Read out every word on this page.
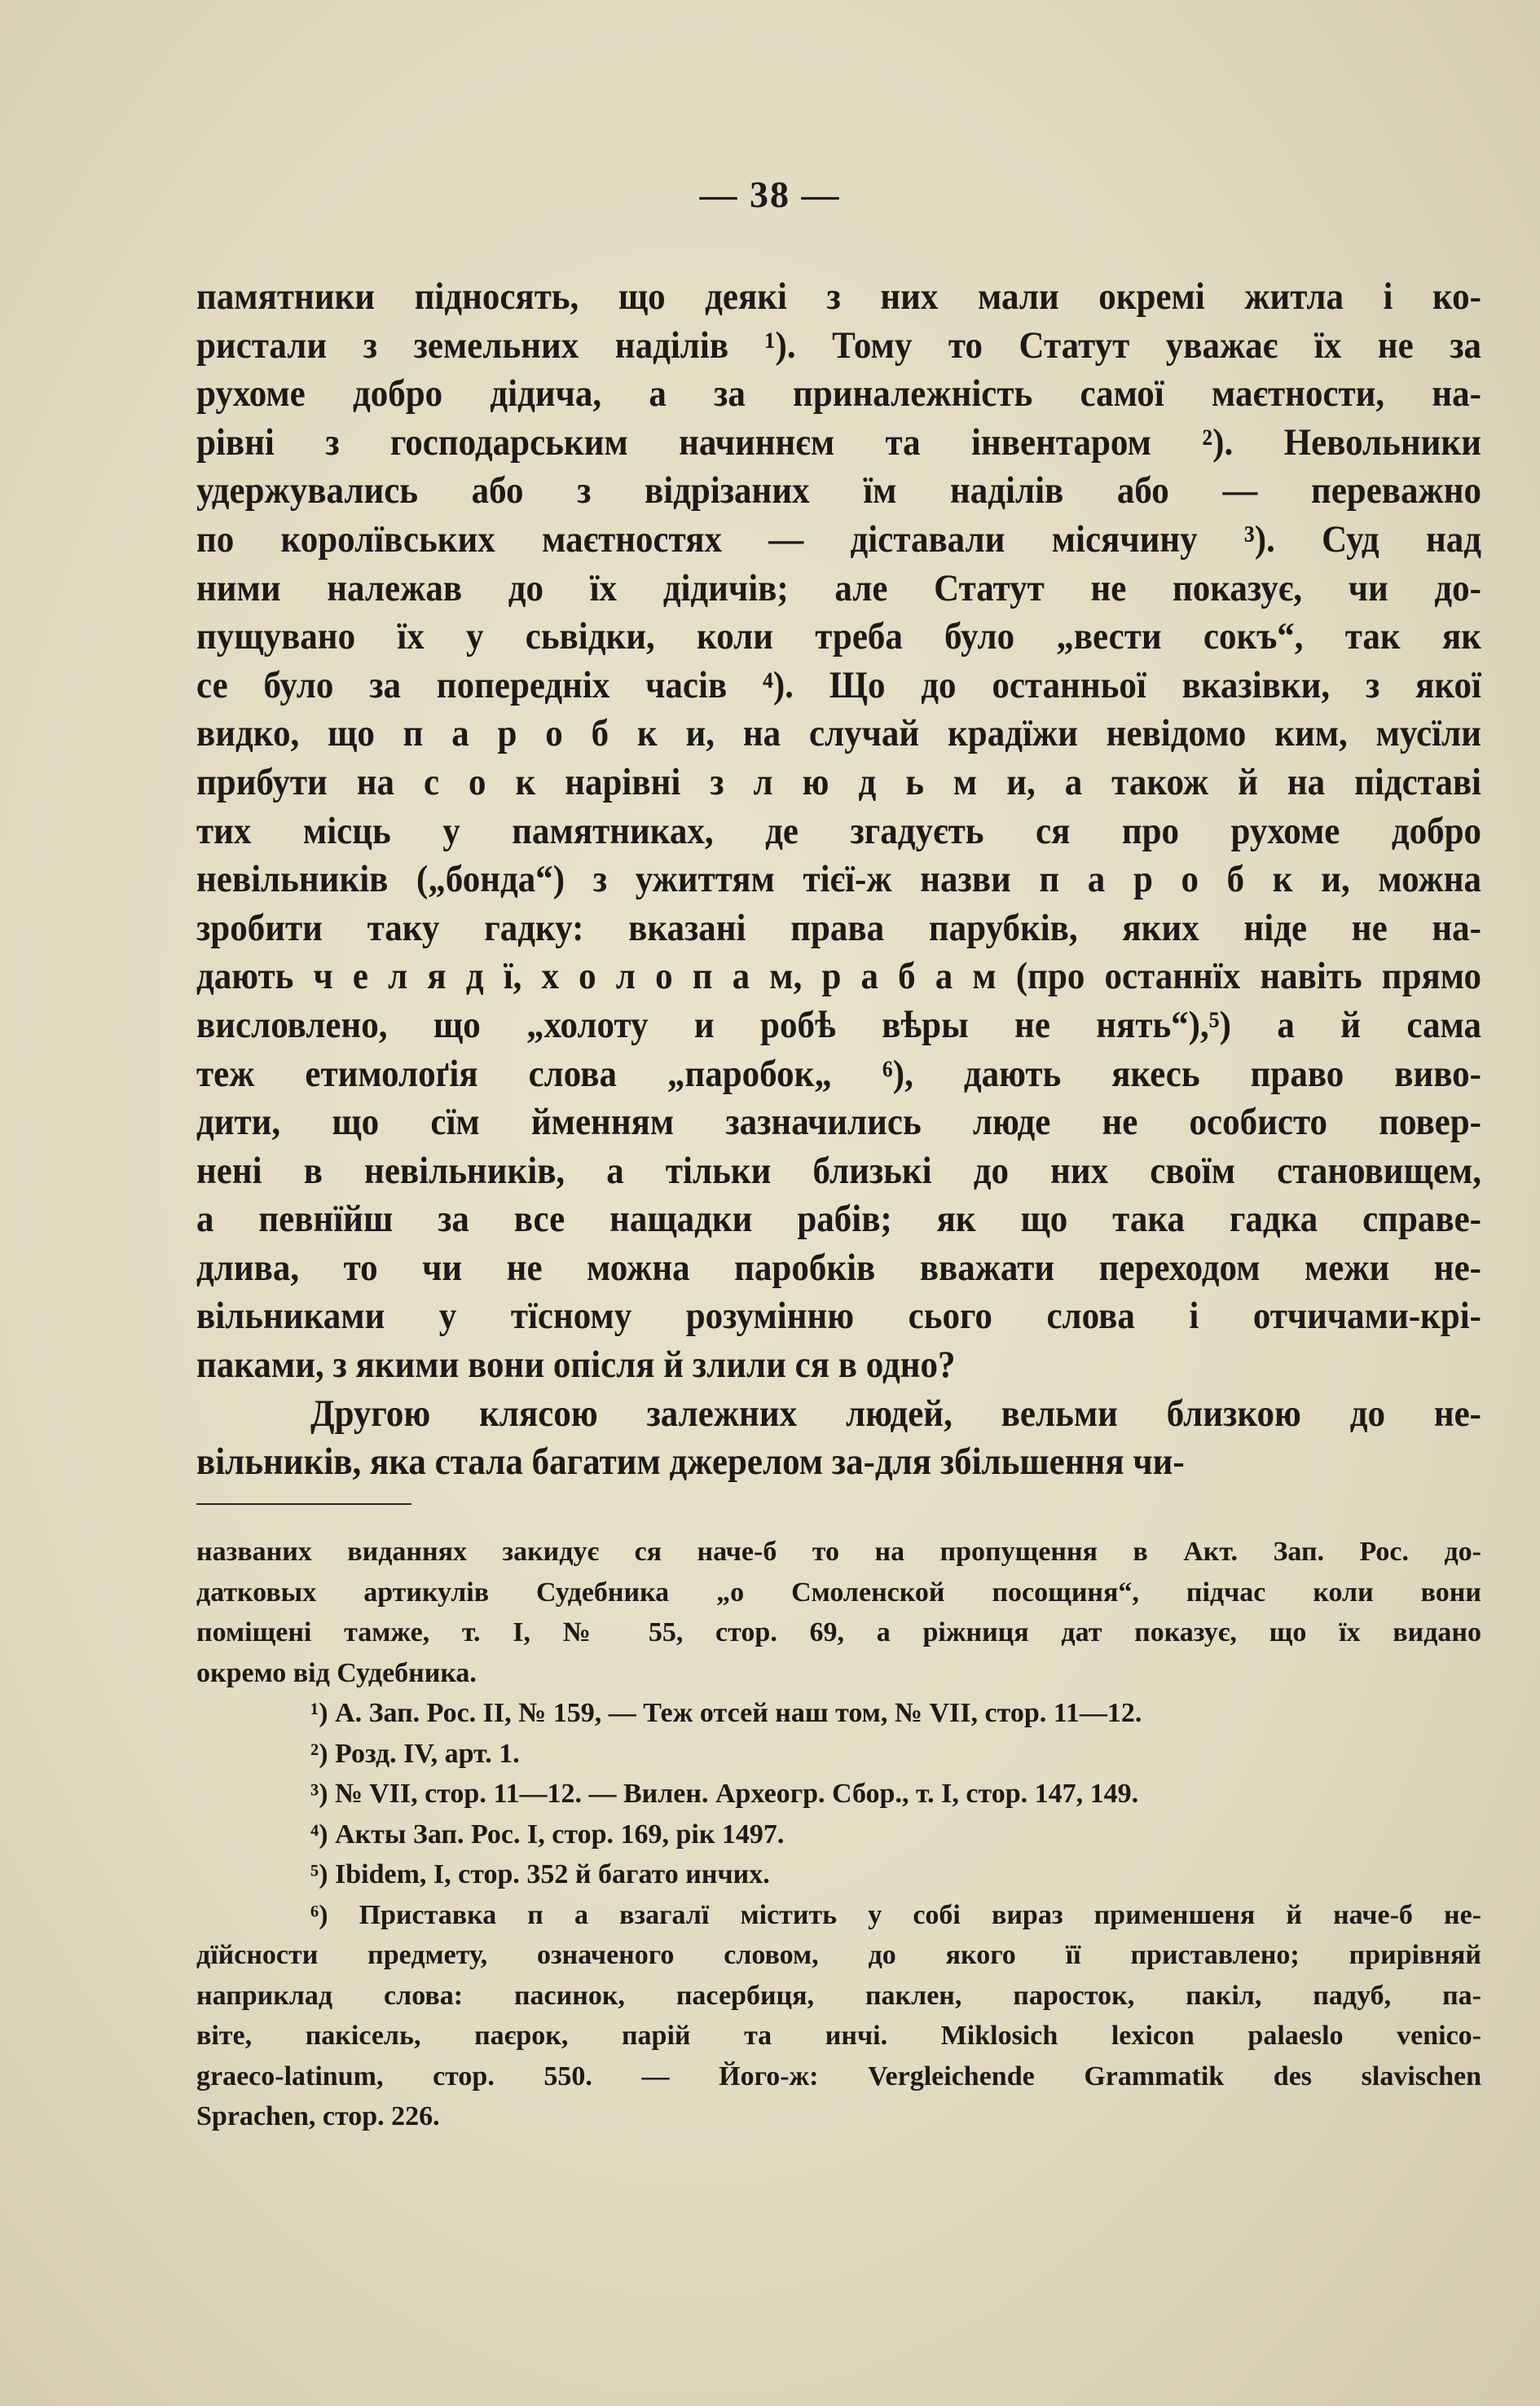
— 38 —
памятники підносять, що деякі з них мали окремі житла і ко-
ристали з земельних наділів ¹). Тому то Статут уважає їх не за
рухоме добро дідича, а за приналежність самої маєтности, на-
рівні з господарським начиннєм та інвентаром ²). Невольники
удержувались або з відрізаних їм наділів або — переважно
по королївських маєтностях — діставали місячину ³). Суд над
ними належав до їх дідичів; але Статут не показує, чи до-
пущувано їх у сьвідки, коли треба було „вести сокъ“, так як
се було за попередніх часів ⁴). Що до останньої вказівки, з якої
видко, що п а р о б к и, на случай крадїжи невідомо ким, мусїли
прибути на с о к нарівні з л ю д ь м и, а також й на підставі
тих місць у памятниках, де згадуєть ся про рухоме добро
невільників („бонда“) з ужиттям тієї-ж назви п а р о б к и, можна
зробити таку гадку: вказані права парубків, яких ніде не на-
дають ч е л я д ї, х о л о п а м, р а б а м (про останнїх навіть прямо
висловлено, що „холоту и робѣ вѣры не нять“),⁵) а й сама
теж етимолоґія слова „паробок„ ⁶), дають якесь право виво-
дити, що сїм йменням зазначились люде не особисто повер-
нені в невільників, а тільки близькі до них своїм становищем,
а певнїйш за все нащадки рабів; як що така гадка справе-
длива, то чи не можна паробків вважати переходом межи не-
вільниками у тїсному розумінню сього слова і отчичами-крі-
паками, з якими вони опісля й злили ся в одно?
Другою клясою залежних людей, вельми близкою до не-
вільників, яка стала багатим джерелом за-для збільшення чи-
названих виданнях закидує ся наче-б то на пропущення в Акт. Зап. Рос. до-
датковых артикулів Судебника „о Смоленской посощиня“, підчас коли вони
поміщені тамже, т. I, № 55, стор. 69, а ріжниця дат показує, що їх видано
окремо від Судебника.
¹) А. Зап. Рос. II, № 159, — Теж отсей наш том, № VII, стор. 11—12.
²) Розд. IV, арт. 1.
³) № VII, стор. 11—12. — Вилен. Археогр. Сбор., т. I, стор. 147, 149.
⁴) Акты Зап. Рос. I, стор. 169, рік 1497.
⁵) Ibidem, I, стор. 352 й багато инчих.
⁶) Приставка п а взагалї містить у собі вираз применшеня й наче-б не-
дїйсности предмету, означеного словом, до якого її приставлено; прирівняй
наприклад слова: пасинок, пасербиця, паклен, паросток, пакіл, падуб, па-
віте, пакісель, паєрок, парій та инчі. Miklosich lexicon palaeslo venico-
graeco-latinum, стор. 550. — Його-ж: Vergleichende Grammatik des slavischen
Sprachen, стор. 226.
